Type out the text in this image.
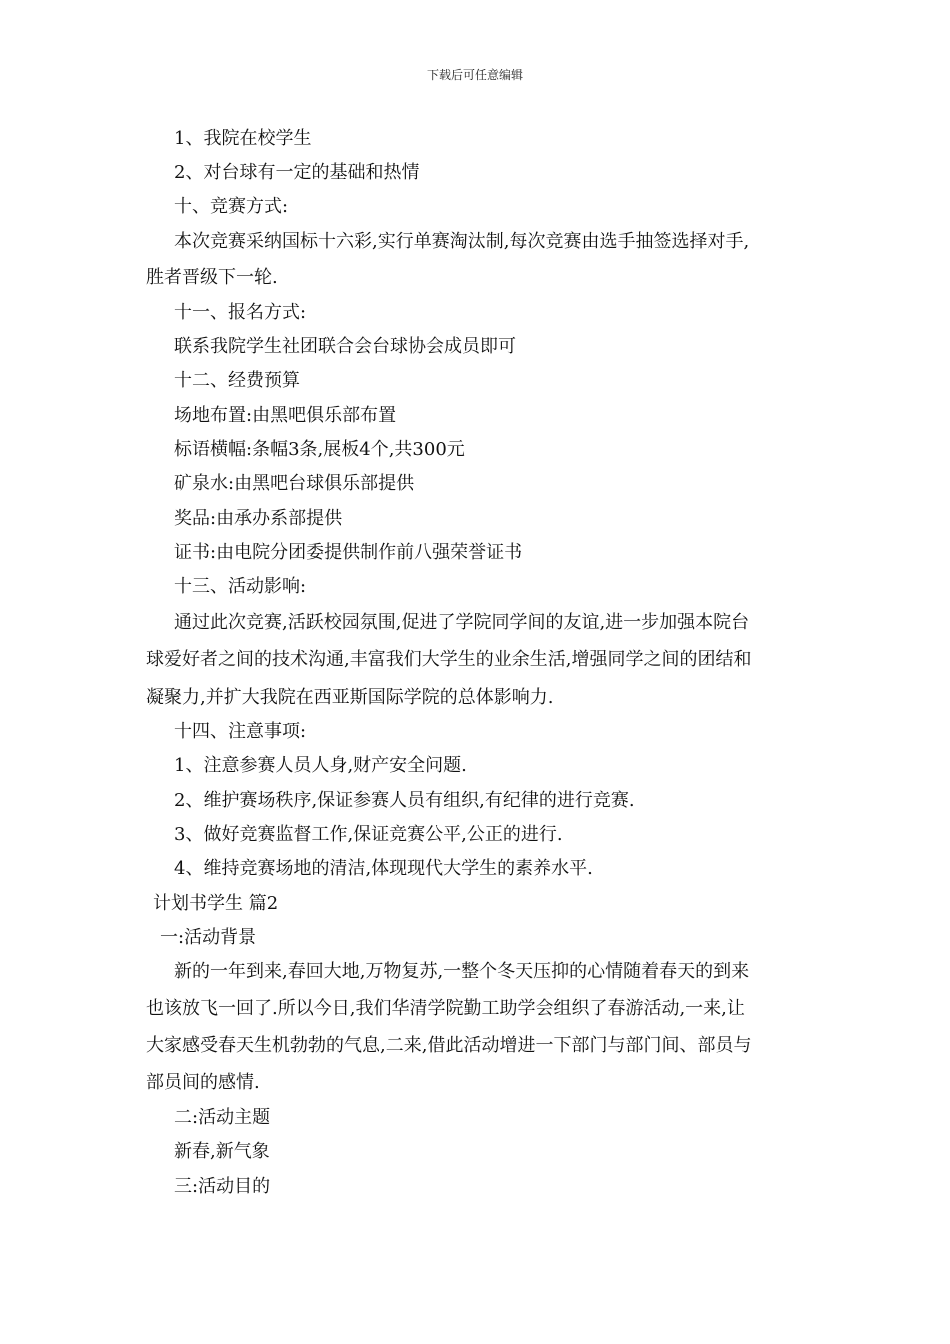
下载后可任意编辑
1、我院在校学生
2、对台球有一定的基础和热情
十、竞赛方式:
本次竞赛采纳国标十六彩,实行单赛淘汰制,每次竞赛由选手抽签选择对手,
胜者晋级下一轮.
十一、报名方式:
联系我院学生社团联合会台球协会成员即可
十二、经费预算
场地布置:由黑吧俱乐部布置
标语横幅:条幅3条,展板4个,共300元
矿泉水:由黑吧台球俱乐部提供
奖品:由承办系部提供
证书:由电院分团委提供制作前八强荣誉证书
十三、活动影响:
通过此次竞赛,活跃校园氛围,促进了学院同学间的友谊,进一步加强本院台
球爱好者之间的技术沟通,丰富我们大学生的业余生活,增强同学之间的团结和
凝聚力,并扩大我院在西亚斯国际学院的总体影响力.
十四、注意事项:
1、注意参赛人员人身,财产安全问题.
2、维护赛场秩序,保证参赛人员有组织,有纪律的进行竞赛.
3、做好竞赛监督工作,保证竞赛公平,公正的进行.
4、维持竞赛场地的清洁,体现现代大学生的素养水平.
计划书学生 篇2
一:活动背景
新的一年到来,春回大地,万物复苏,一整个冬天压抑的心情随着春天的到来
也该放飞一回了.所以今日,我们华清学院勤工助学会组织了春游活动,一来,让
大家感受春天生机勃勃的气息,二来,借此活动增进一下部门与部门间、部员与
部员间的感情.
二:活动主题
新春,新气象
三:活动目的
